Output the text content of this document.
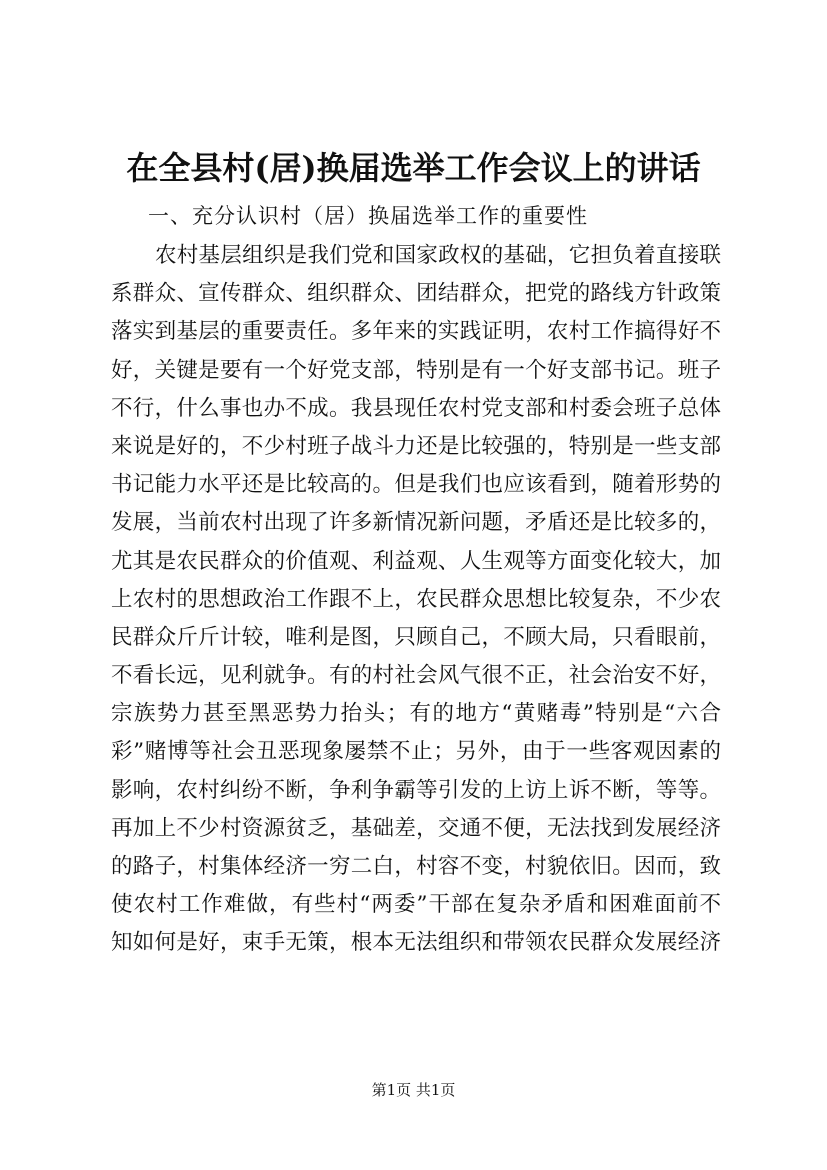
在全县村(居)换届选举工作会议上的讲话
一、充分认识村（居）换届选举工作的重要性
农村基层组织是我们党和国家政权的基础，它担负着直接联
系群众、宣传群众、组织群众、团结群众，把党的路线方针政策
落实到基层的重要责任。多年来的实践证明，农村工作搞得好不
好，关键是要有一个好党支部，特别是有一个好支部书记。班子
不行，什么事也办不成。我县现任农村党支部和村委会班子总体
来说是好的，不少村班子战斗力还是比较强的，特别是一些支部
书记能力水平还是比较高的。但是我们也应该看到，随着形势的
发展，当前农村出现了许多新情况新问题，矛盾还是比较多的，
尤其是农民群众的价值观、利益观、人生观等方面变化较大，加
上农村的思想政治工作跟不上，农民群众思想比较复杂，不少农
民群众斤斤计较，唯利是图，只顾自己，不顾大局，只看眼前，
不看长远，见利就争。有的村社会风气很不正，社会治安不好，
宗族势力甚至黑恶势力抬头；有的地方“黄赌毒”特别是“六合
彩”赌博等社会丑恶现象屡禁不止；另外，由于一些客观因素的
影响，农村纠纷不断，争利争霸等引发的上访上诉不断，等等。
再加上不少村资源贫乏，基础差，交通不便，无法找到发展经济
的路子，村集体经济一穷二白，村容不变，村貌依旧。因而，致
使农村工作难做，有些村“两委”干部在复杂矛盾和困难面前不
知如何是好，束手无策，根本无法组织和带领农民群众发展经济
第1页 共1页
